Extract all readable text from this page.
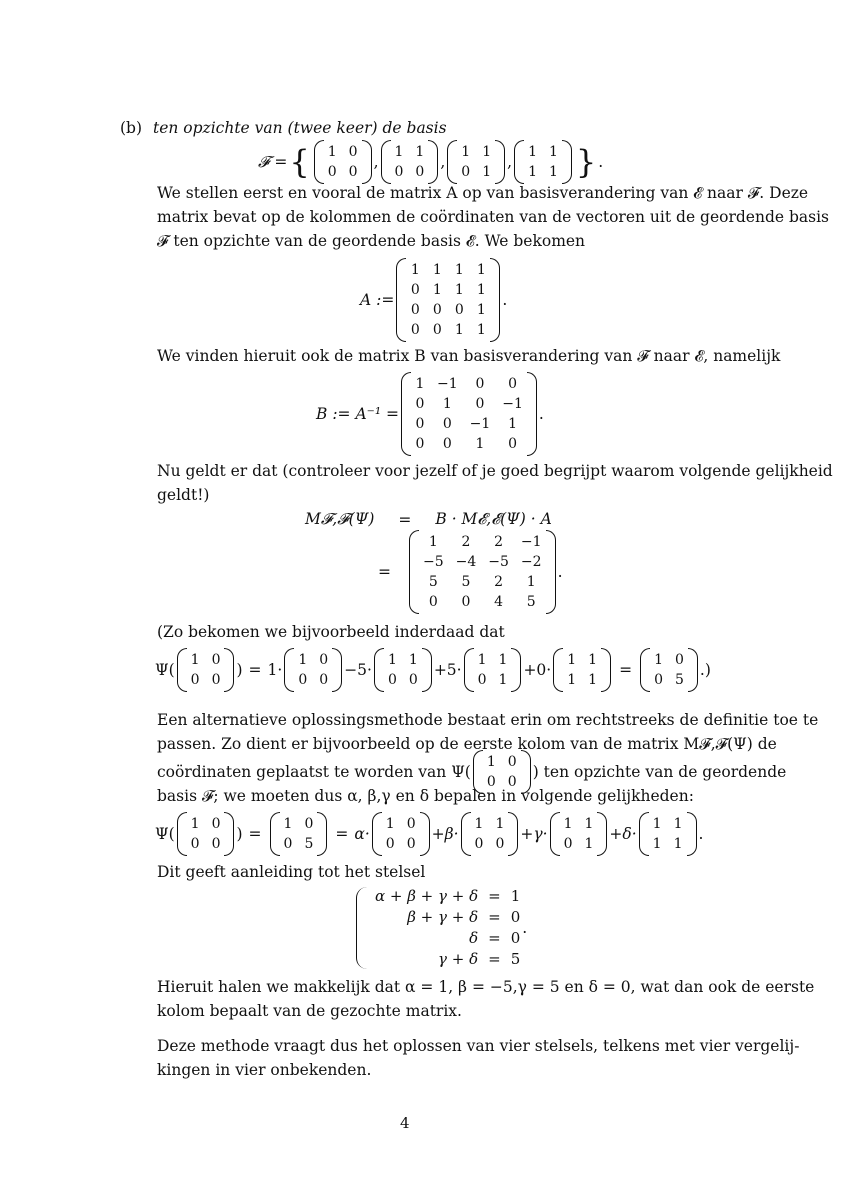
(b) ten opzichte van (twee keer) de basis
𝓕 = { 1 0
0 0
,
1 1
0 0
,
1 1
0 1
,
1 1
1 1 } .
We stellen eerst en vooral de matrix A op van basisverandering van 𝓔 naar 𝓕. Deze
matrix bevat op de kolommen de coördinaten van de vectoren uit de geordende basis
𝓕 ten opzichte van de geordende basis 𝓔. We bekomen
A :=
1 1 1 1
0 1 1 1
0 0 0 1
0 0 1 1
.
We vinden hieruit ook de matrix B van basisverandering van 𝓕 naar 𝓔, namelijk
B := A⁻¹ =
1 −1	0	0
0	1	0	−1
0	0	−1	1
0	0	1	0
.
Nu geldt er dat (controleer voor jezelf of je goed begrijpt waarom volgende gelijkheid
geldt!)
M𝓕,𝓕(Ψ) = B · M𝓔,𝓔(Ψ) · A
=
1	2	2	−1
−5 −4 −5 −2
5	5	2	1
0	0	4	5
.
(Zo bekomen we bijvoorbeeld inderdaad dat
Ψ(
1 0
0 0
) = 1·
1 0
0 0
−5·
1 1
0 0
+5·
1 1
0 1
+0·
1 1
1 1
=
1 0
0 5
.)
Een alternatieve oplossingsmethode bestaat erin om rechtstreeks de definitie toe te
passen. Zo dient er bijvoorbeeld op de eerste kolom van de matrix M𝓕,𝓕(Ψ) de
coördinaten geplaatst te worden van Ψ(
1 0
0 0
) ten opzichte van de geordende
basis 𝓕; we moeten dus α, β,γ en δ bepalen in volgende gelijkheden:
Ψ(
1 0
0 0
) =
1 0
0 5
= α·
1 0
0 0
+β·
1 1
0 0
+γ·
1 1
0 1
+δ·
1 1
1 1
.
Dit geeft aanleiding tot het stelsel
α + β + γ + δ = 1
β + γ + δ = 0
δ = 0
γ + δ = 5
.
Hieruit halen we makkelijk dat α = 1, β = −5,γ = 5 en δ = 0, wat dan ook de eerste
kolom bepaalt van de gezochte matrix.
Deze methode vraagt dus het oplossen van vier stelsels, telkens met vier vergelij-
kingen in vier onbekenden.
4
